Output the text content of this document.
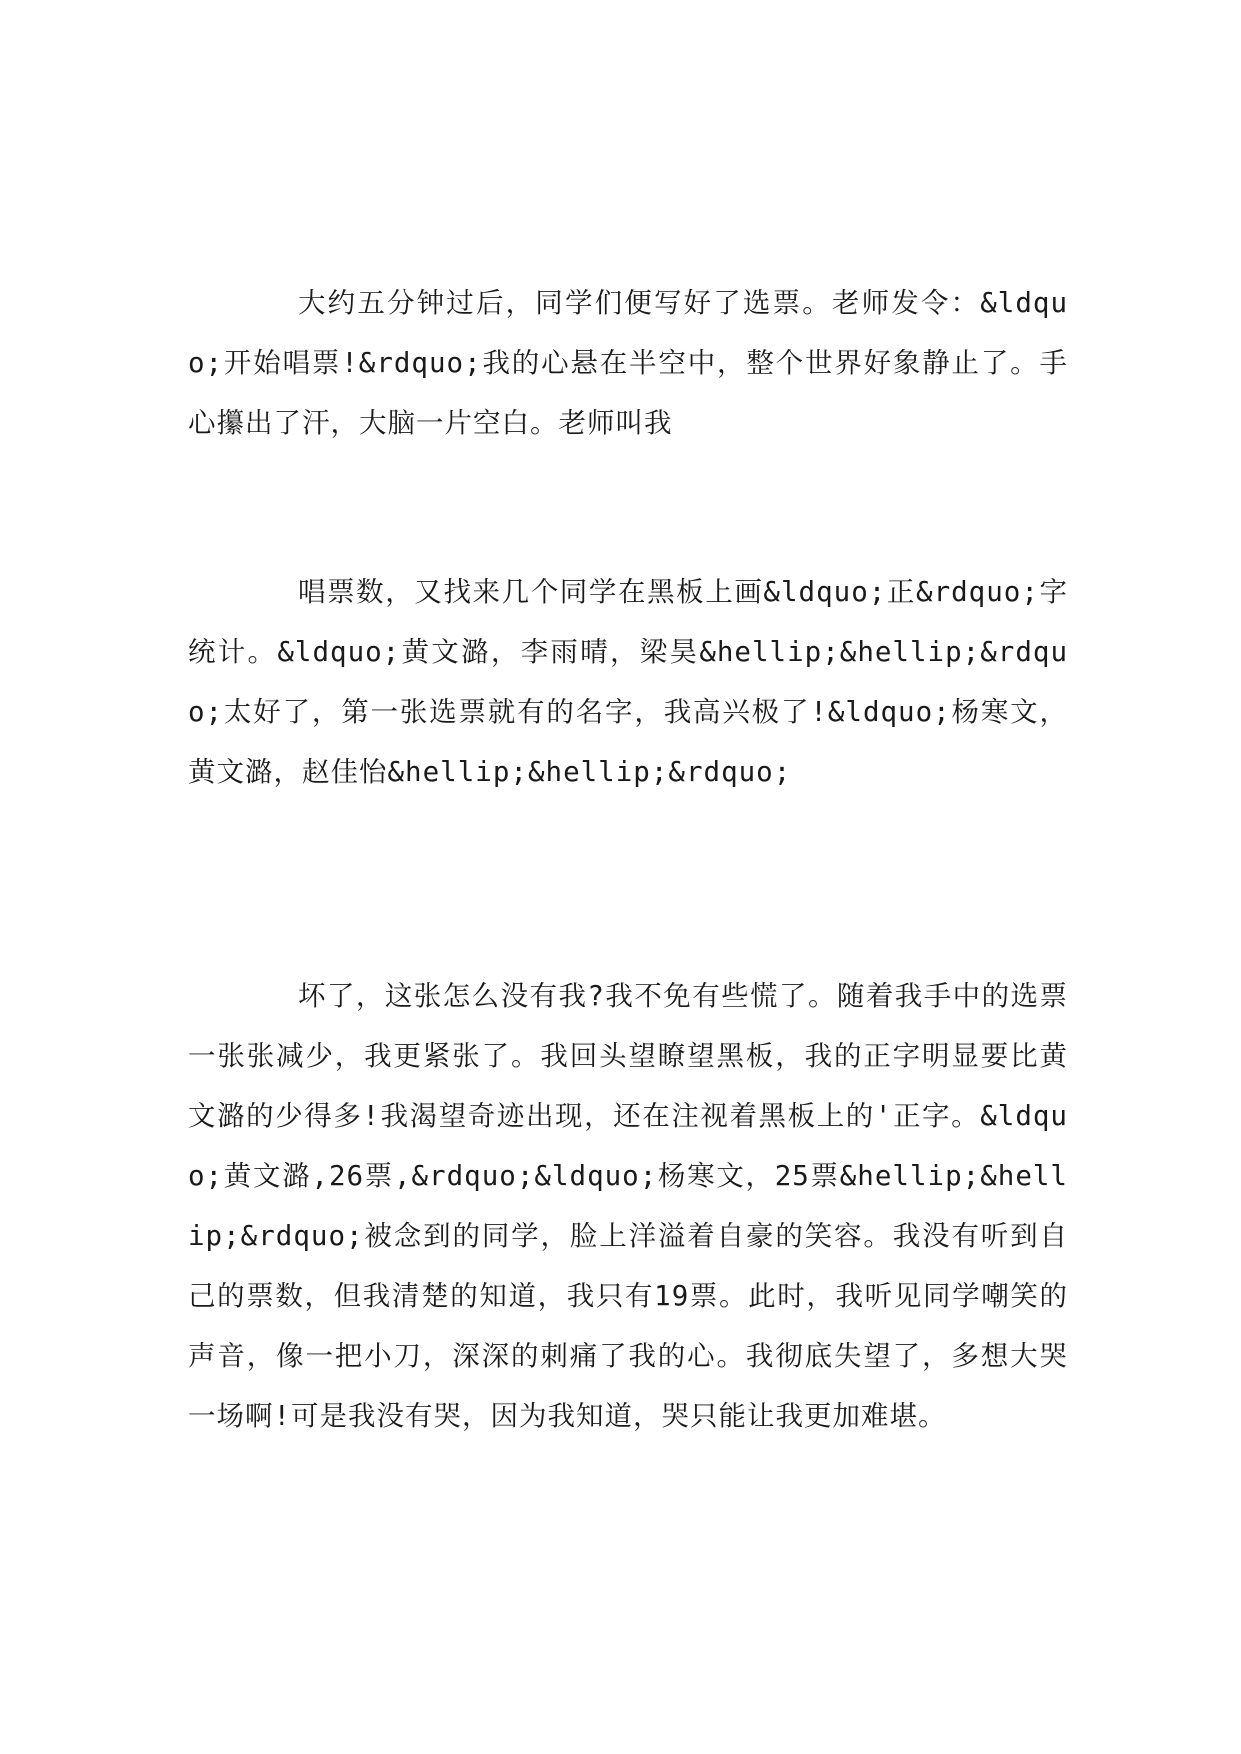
大约五分钟过后，同学们便写好了选票。老师发令：&ldquo;开始唱票!&rdquo;我的心悬在半空中，整个世界好象静止了。手心攥出了汗，大脑一片空白。老师叫我

唱票数，又找来几个同学在黑板上画&ldquo;正&rdquo;字统计。&ldquo;黄文潞，李雨晴，梁昊&hellip;&hellip;&rdquo;太好了，第一张选票就有的名字，我高兴极了!&ldquo;杨寒文，黄文潞，赵佳怡&hellip;&hellip;&rdquo;

坏了，这张怎么没有我?我不免有些慌了。随着我手中的选票一张张减少，我更紧张了。我回头望瞭望黑板，我的正字明显要比黄文潞的少得多!我渴望奇迹出现，还在注视着黑板上的'正字。&ldquo;黄文潞,26票,&rdquo;&ldquo;杨寒文，25票&hellip;&hellip;&rdquo;被念到的同学，脸上洋溢着自豪的笑容。我没有听到自己的票数，但我清楚的知道，我只有19票。此时，我听见同学嘲笑的声音，像一把小刀，深深的刺痛了我的心。我彻底失望了，多想大哭一场啊!可是我没有哭，因为我知道，哭只能让我更加难堪。
